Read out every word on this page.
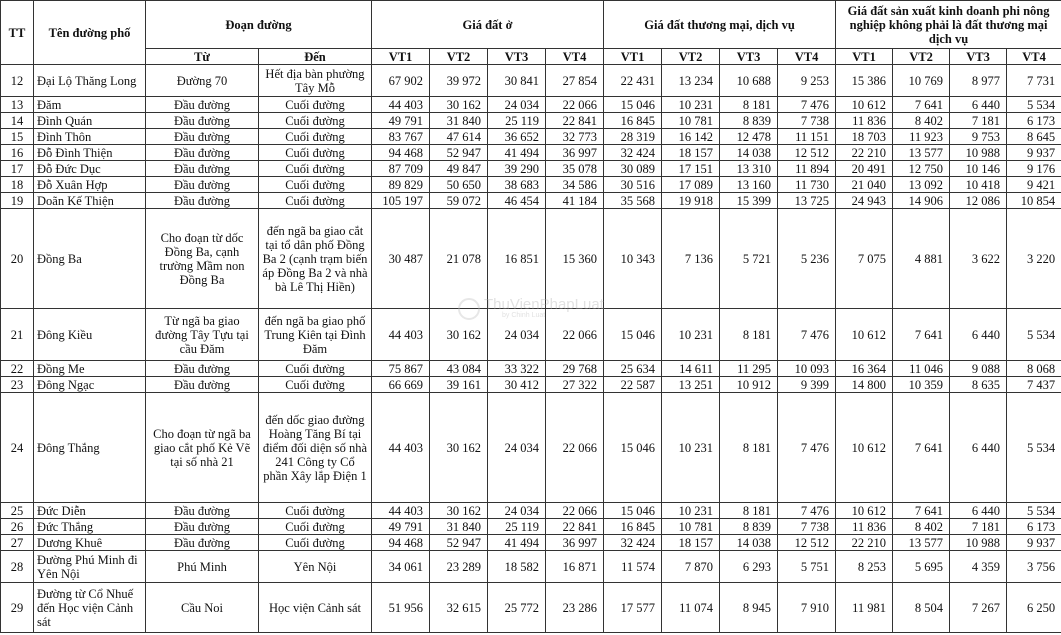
TT	Tên đường phố	Đoạn đường		Giá đất ở				Giá đất thương mại, dịch vụ				Giá đất sản xuất kinh doanh phi nông nghiệp không phải là đất thương mại dịch vụ			
		Từ	Đến	VT1	VT2	VT3	VT4	VT1	VT2	VT3	VT4	VT1	VT2	VT3	VT4
12	Đại Lộ Thăng Long	Đường 70	Hết địa bàn phường Tây Mỗ	67 902	39 972	30 841	27 854	22 431	13 234	10 688	9 253	15 386	10 769	8 977	7 731
13	Đăm	Đầu đường	Cuối đường	44 403	30 162	24 034	22 066	15 046	10 231	8 181	7 476	10 612	7 641	6 440	5 534
14	Đình Quán	Đầu đường	Cuối đường	49 791	31 840	25 119	22 841	16 845	10 781	8 839	7 738	11 836	8 402	7 181	6 173
15	Đình Thôn	Đầu đường	Cuối đường	83 767	47 614	36 652	32 773	28 319	16 142	12 478	11 151	18 703	11 923	9 753	8 645
16	Đỗ Đình Thiện	Đầu đường	Cuối đường	94 468	52 947	41 494	36 997	32 424	18 157	14 038	12 512	22 210	13 577	10 988	9 937
17	Đỗ Đức Dục	Đầu đường	Cuối đường	87 709	49 847	39 290	35 078	30 089	17 151	13 310	11 894	20 491	12 750	10 146	9 176
18	Đỗ Xuân Hợp	Đầu đường	Cuối đường	89 829	50 650	38 683	34 586	30 516	17 089	13 160	11 730	21 040	13 092	10 418	9 421
19	Doãn Kế Thiện	Đầu đường	Cuối đường	105 197	59 072	46 454	41 184	35 568	19 918	15 399	13 725	24 943	14 906	12 086	10 854
20	Đồng Ba	Cho đoạn từ dốc Đồng Ba, cạnh trường Mầm non Đồng Ba	đến ngã ba giao cắt tại tổ dân phố Đồng Ba 2 (cạnh trạm biến áp Đồng Ba 2 và nhà bà Lê Thị Hiền)	30 487	21 078	16 851	15 360	10 343	7 136	5 721	5 236	7 075	4 881	3 622	3 220
21	Đông Kiều	Từ ngã ba giao đường Tây Tựu tại cầu Đăm	đến ngã ba giao phố Trung Kiên tại Đình Đăm	44 403	30 162	24 034	22 066	15 046	10 231	8 181	7 476	10 612	7 641	6 440	5 534
22	Đồng Me	Đầu đường	Cuối đường	75 867	43 084	33 322	29 768	25 634	14 611	11 295	10 093	16 364	11 046	9 088	8 068
23	Đông Ngạc	Đầu đường	Cuối đường	66 669	39 161	30 412	27 322	22 587	13 251	10 912	9 399	14 800	10 359	8 635	7 437
24	Đông Thắng	Cho đoạn từ ngã ba giao cắt phố Kẻ Vẽ tại số nhà 21	đến dốc giao đường Hoàng Tăng Bí tại điểm đối diện số nhà 241 Công ty Cổ phần Xây lắp Điện 1	44 403	30 162	24 034	22 066	15 046	10 231	8 181	7 476	10 612	7 641	6 440	5 534
25	Đức Diễn	Đầu đường	Cuối đường	44 403	30 162	24 034	22 066	15 046	10 231	8 181	7 476	10 612	7 641	6 440	5 534
26	Đức Thắng	Đầu đường	Cuối đường	49 791	31 840	25 119	22 841	16 845	10 781	8 839	7 738	11 836	8 402	7 181	6 173
27	Dương Khuê	Đầu đường	Cuối đường	94 468	52 947	41 494	36 997	32 424	18 157	14 038	12 512	22 210	13 577	10 988	9 937
28	Đường Phú Minh đi Yên Nội	Phú Minh	Yên Nội	34 061	23 289	18 582	16 871	11 574	7 870	6 293	5 751	8 253	5 695	4 359	3 756
29	Đường từ Cổ Nhuế đến Học viện Cảnh sát	Cầu Noi	Học viện Cảnh sát	51 956	32 615	25 772	23 286	17 577	11 074	8 945	7 910	11 981	8 504	7 267	6 250
ThuVienPhapLuat
by Chinh Luat
